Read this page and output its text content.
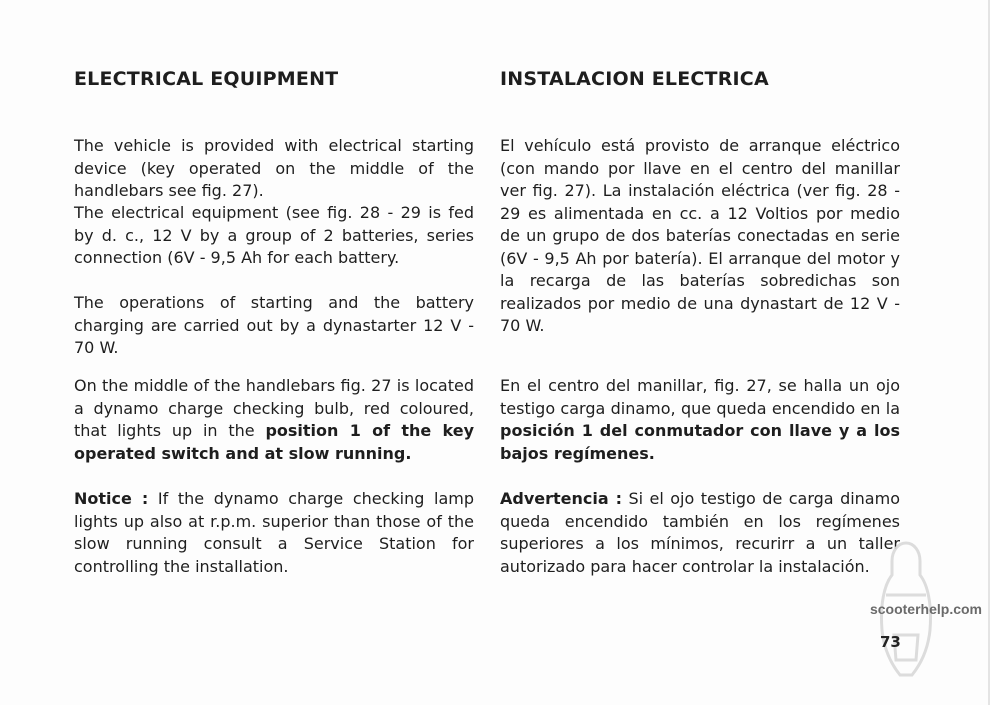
ELECTRICAL EQUIPMENT

The vehicle is provided with electrical starting device (key operated on the middle of the handlebars see fig. 27).

The electrical equipment (see fig. 28 - 29 is fed by d. c., 12 V by a group of 2 batteries, series connection (6V - 9,5 Ah for each battery.

The operations of starting and the battery charging are carried out by a dynastarter 12 V - 70 W.

On the middle of the handlebars fig. 27 is located a dynamo charge checking bulb, red coloured, that lights up in the position 1 of the key operated switch and at slow running.

Notice : If the dynamo charge checking lamp lights up also at r.p.m. superior than those of the slow running consult a Service Station for controlling the installation.

INSTALACION ELECTRICA

El vehículo está provisto de arranque eléctrico (con mando por llave en el centro del manillar ver fig. 27). La instalación eléctrica (ver fig. 28 - 29 es alimentada en cc. a 12 Voltios por medio de un grupo de dos baterías conectadas en serie (6V - 9,5 Ah por batería). El arranque del motor y la recarga de las baterías sobredichas son realizados por medio de una dynastart de 12 V - 70 W.

En el centro del manillar, fig. 27, se halla un ojo testigo carga dinamo, que queda encendido en la posición 1 del conmutador con llave y a los bajos regímenes.

Advertencia : Si el ojo testigo de carga dinamo queda encendido también en los regímenes superiores a los mínimos, recurirr a un taller autorizado para hacer controlar la instalación.

scooterhelp.com
73
